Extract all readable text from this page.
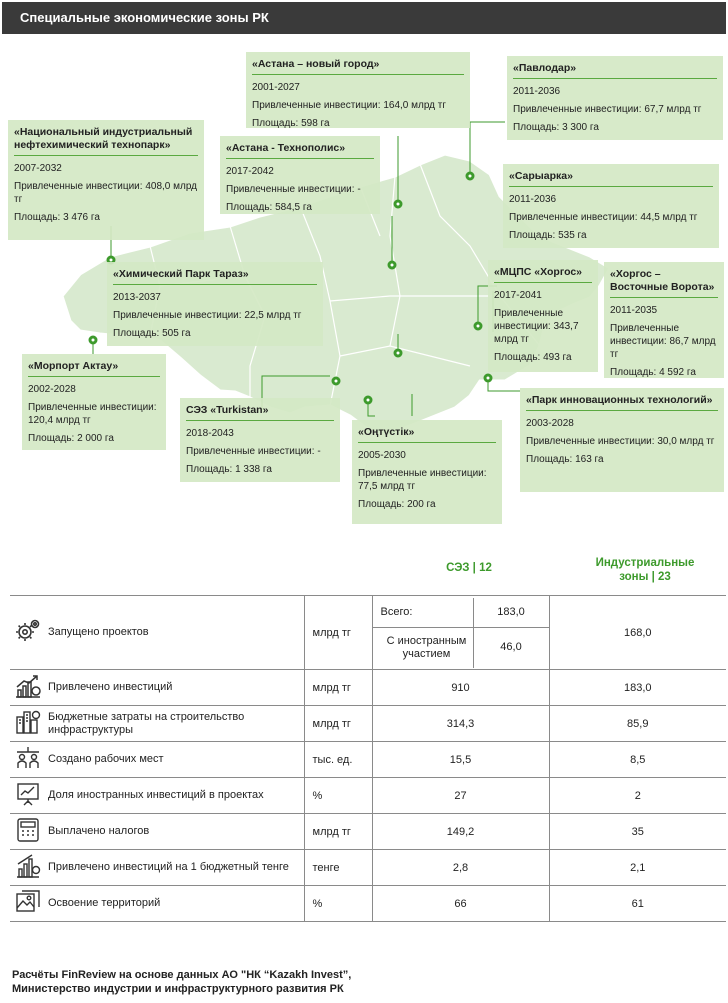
Специальные экономические зоны РК
«Астана – новый город»
2001-2027
Привлеченные инвестиции: 164,0 млрд тг
Площадь: 598 га
«Павлодар»
2011-2036
Привлеченные инвестиции: 67,7 млрд тг
Площадь: 3 300 га
«Национальный индустриальный нефтехимический технопарк»
2007-2032
Привлеченные инвестиции: 408,0 млрд тг
Площадь: 3 476 га
«Астана - Технополис»
2017-2042
Привлеченные инвестиции: -
Площадь: 584,5 га
«Сарыарка»
2011-2036
Привлеченные инвестиции: 44,5 млрд тг
Площадь: 535 га
«Химический Парк Тараз»
2013-2037
Привлеченные инвестиции: 22,5 млрд тг
Площадь: 505 га
«МЦПС «Хоргос»
2017-2041
Привлеченные инвестиции: 343,7 млрд тг
Площадь: 493 га
«Хоргос – Восточные Ворота»
2011-2035
Привлеченные инвестиции: 86,7 млрд тг
Площадь: 4 592 га
«Морпорт Актау»
2002-2028
Привлеченные инвестиции: 120,4 млрд тг
Площадь: 2 000 га
СЭЗ «Turkistan»
2018-2043
Привлеченные инвестиции: -
Площадь: 1 338 га
«Оңтүстік»
2005-2030
Привлеченные инвестиции: 77,5 млрд тг
Площадь: 200 га
«Парк инновационных технологий»
2003-2028
Привлеченные инвестиции: 30,0 млрд тг
Площадь: 163 га
СЭЗ | 12	Индустриальные зоны | 23
	Запущено проектов	млрд тг	Всего: 183,0
С иностранным участием
46,0	168,0
	Привлечено инвестиций	млрд тг	910	183,0
	Бюджетные затраты на строительство инфраструктуры	млрд тг	314,3	85,9
	Создано рабочих мест	тыс. ед.	15,5	8,5
	Доля иностранных инвестиций в проектах	%	27	2
	Выплачено налогов	млрд тг	149,2	35
	Привлечено инвестиций на 1 бюджетный тенге	тенге	2,8	2,1
	Освоение территорий	%	66	61
Расчёты FinReview на основе данных АО "НК “Kazakh Invest”,
Министерство индустрии и инфраструктурного развития РК
